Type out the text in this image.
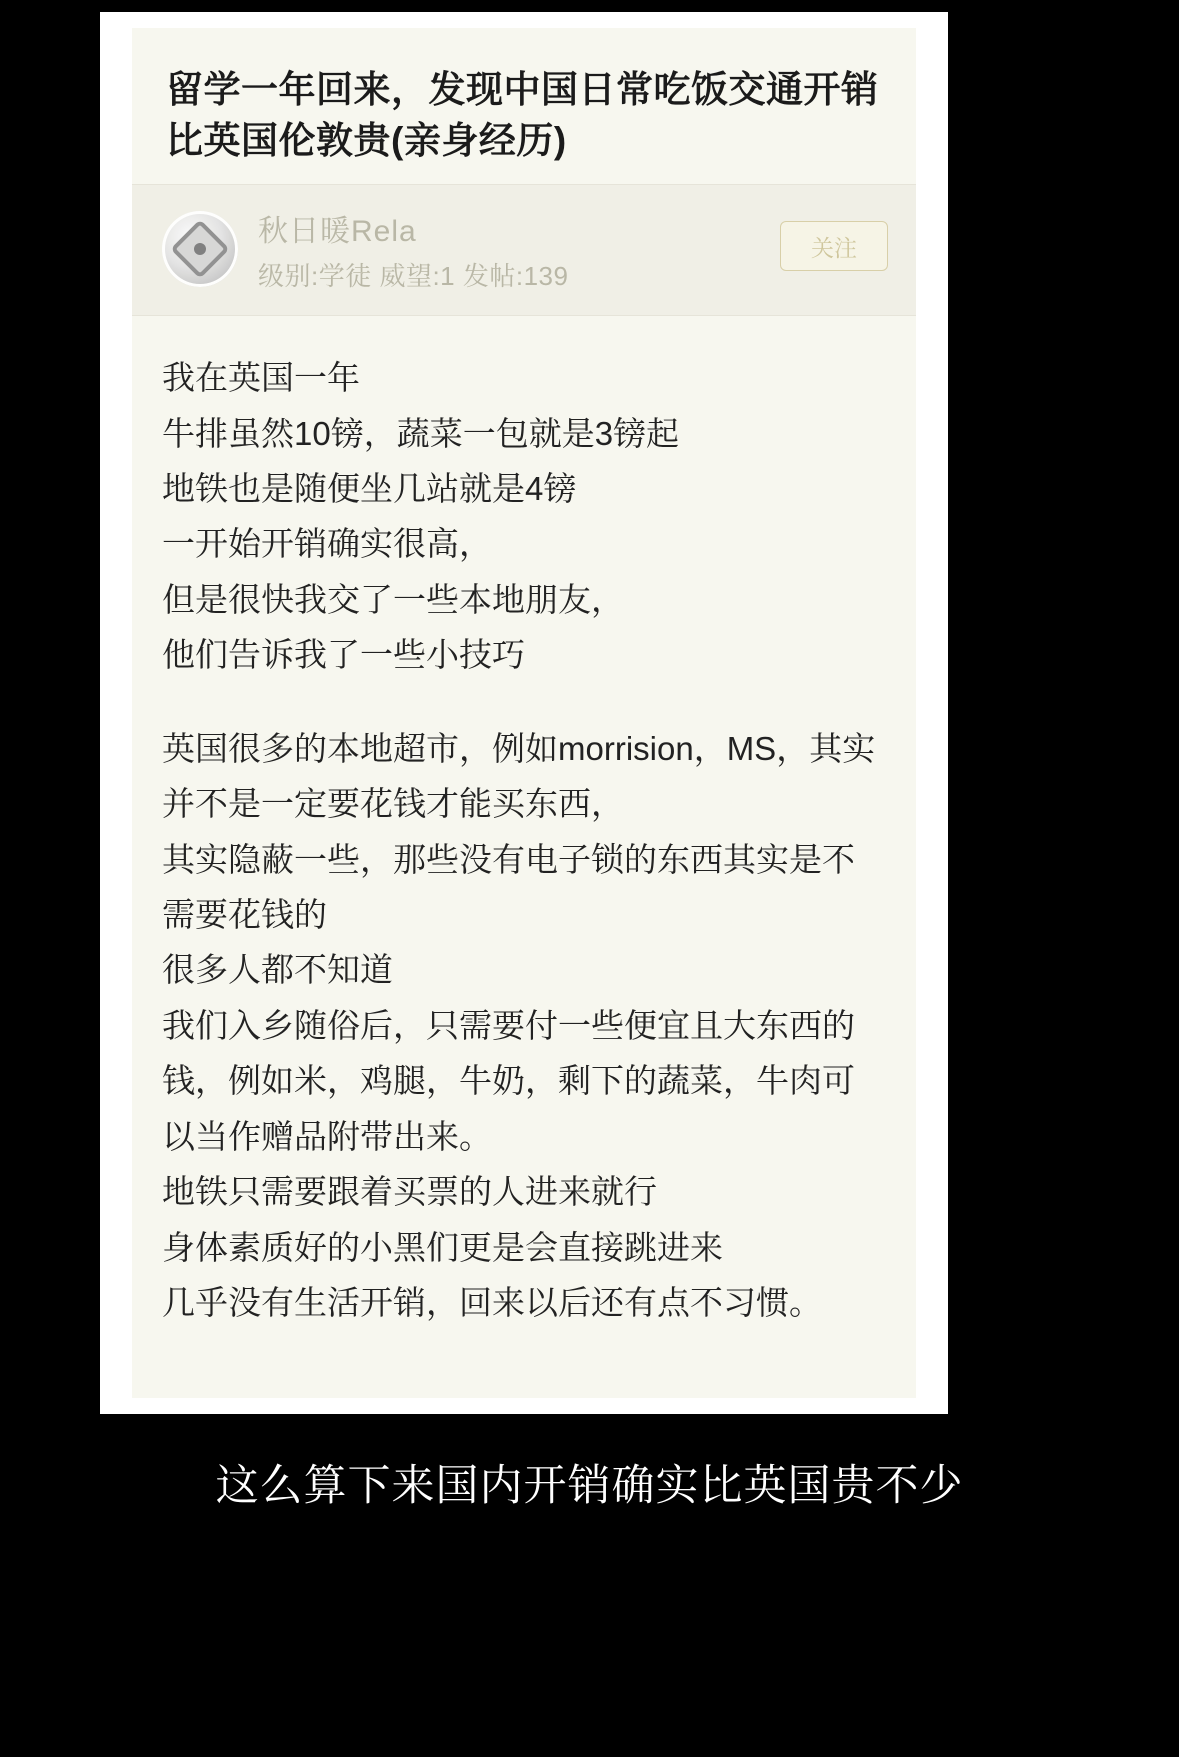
留学一年回来，发现中国日常吃饭交通开销比英国伦敦贵(亲身经历)
秋日暖Rela
级别:学徒 威望:1 发帖:139
关注

我在英国一年

牛排虽然10镑，蔬菜一包就是3镑起

地铁也是随便坐几站就是4镑

一开始开销确实很高，

但是很快我交了一些本地朋友，

他们告诉我了一些小技巧

英国很多的本地超市，例如morrision，MS，其实并不是一定要花钱才能买东西，

其实隐蔽一些，那些没有电子锁的东西其实是不需要花钱的

很多人都不知道

我们入乡随俗后，只需要付一些便宜且大东西的钱，例如米，鸡腿，牛奶，剩下的蔬菜，牛肉可以当作赠品附带出来。

地铁只需要跟着买票的人进来就行

身体素质好的小黑们更是会直接跳进来

几乎没有生活开销，回来以后还有点不习惯。

这么算下来国内开销确实比英国贵不少
